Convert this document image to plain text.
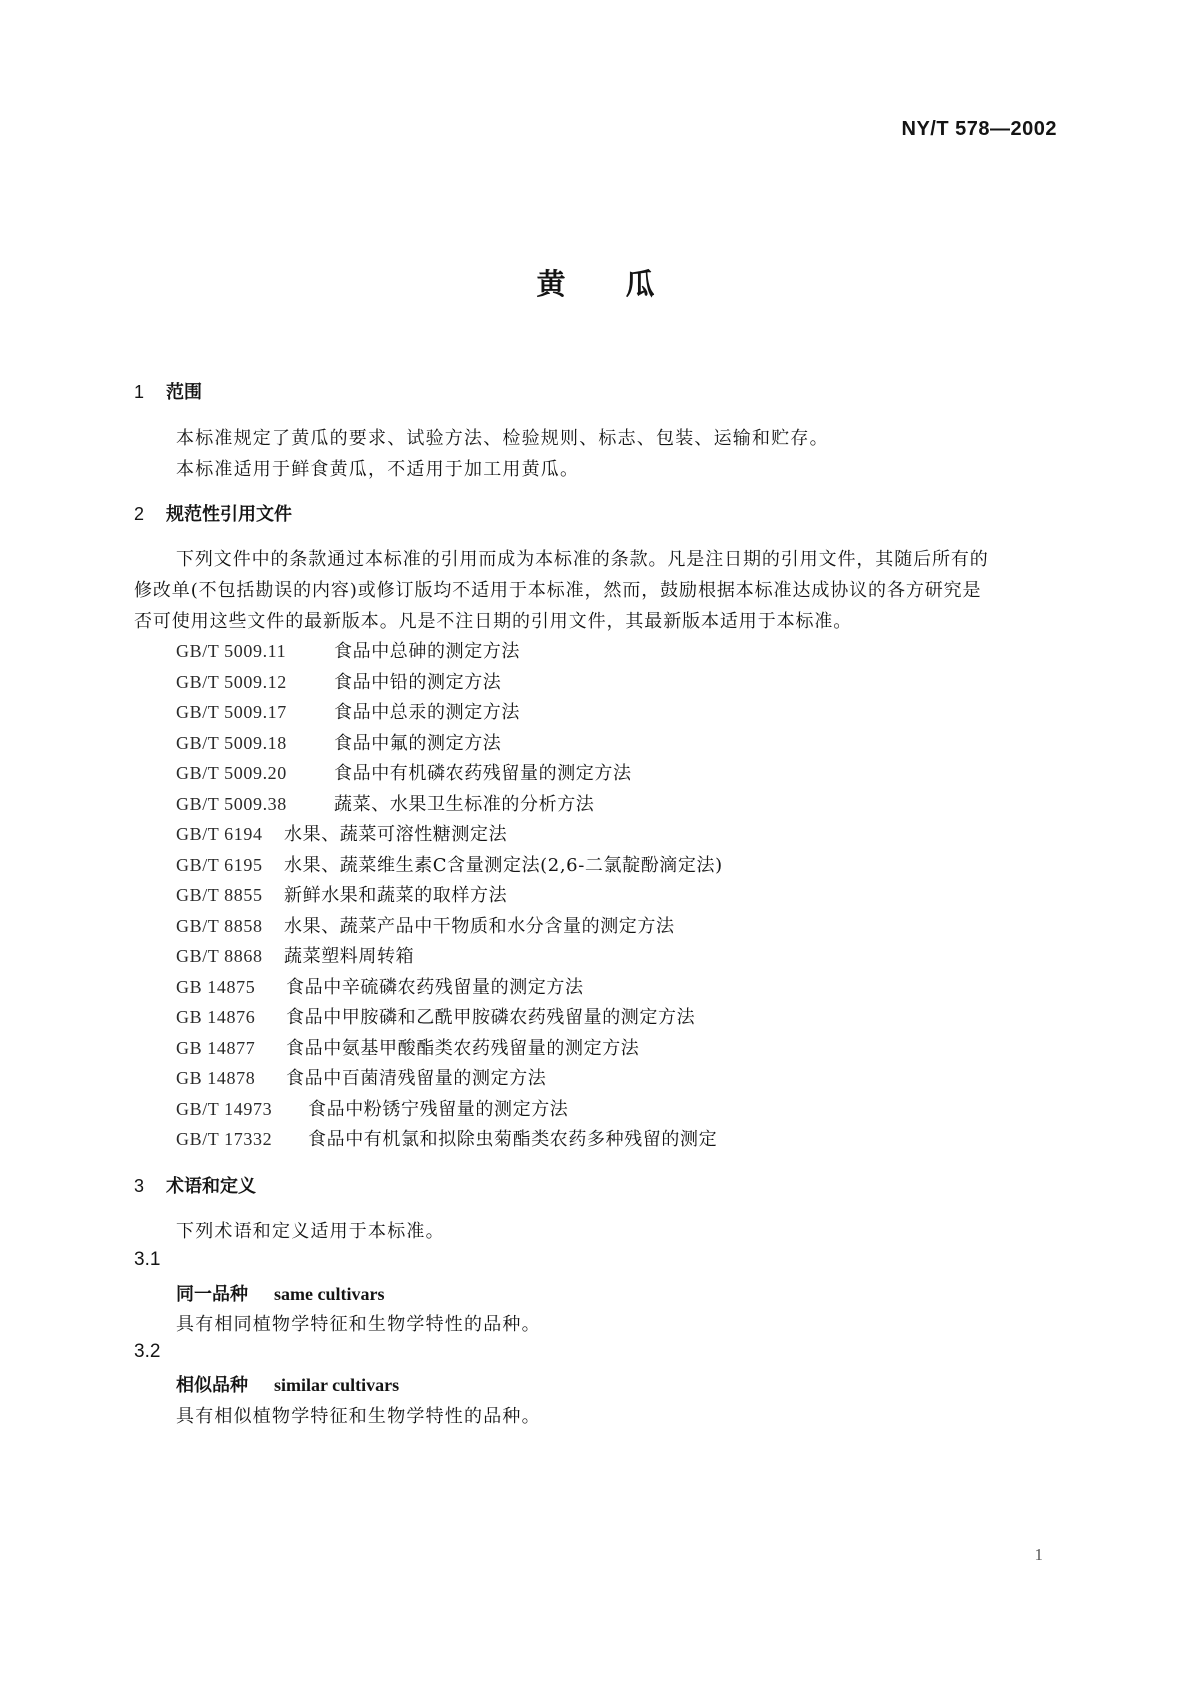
NY/T 578—2002
黄瓜
1 范围
本标准规定了黄瓜的要求、试验方法、检验规则、标志、包装、运输和贮存。
本标准适用于鲜食黄瓜，不适用于加工用黄瓜。
2 规范性引用文件
下列文件中的条款通过本标准的引用而成为本标准的条款。凡是注日期的引用文件，其随后所有的
修改单(不包括勘误的内容)或修订版均不适用于本标准，然而，鼓励根据本标准达成协议的各方研究是
否可使用这些文件的最新版本。凡是不注日期的引用文件，其最新版本适用于本标准。
GB/T 5009.11	食品中总砷的测定方法
GB/T 5009.12	食品中铅的测定方法
GB/T 5009.17	食品中总汞的测定方法
GB/T 5009.18	食品中氟的测定方法
GB/T 5009.20	食品中有机磷农药残留量的测定方法
GB/T 5009.38	蔬菜、水果卫生标准的分析方法
GB/T 6194 水果、蔬菜可溶性糖测定法
GB/T 6195 水果、蔬菜维生素C含量测定法(2,6-二氯靛酚滴定法)
GB/T 8855 新鲜水果和蔬菜的取样方法
GB/T 8858 水果、蔬菜产品中干物质和水分含量的测定方法
GB/T 8868 蔬菜塑料周转箱
GB 14875 食品中辛硫磷农药残留量的测定方法
GB 14876 食品中甲胺磷和乙酰甲胺磷农药残留量的测定方法
GB 14877 食品中氨基甲酸酯类农药残留量的测定方法
GB 14878 食品中百菌清残留量的测定方法
GB/T 14973 食品中粉锈宁残留量的测定方法
GB/T 17332 食品中有机氯和拟除虫菊酯类农药多种残留的测定
3 术语和定义
下列术语和定义适用于本标准。
3.1
同一品种 same cultivars
具有相同植物学特征和生物学特性的品种。
3.2
相似品种 similar cultivars
具有相似植物学特征和生物学特性的品种。
1
